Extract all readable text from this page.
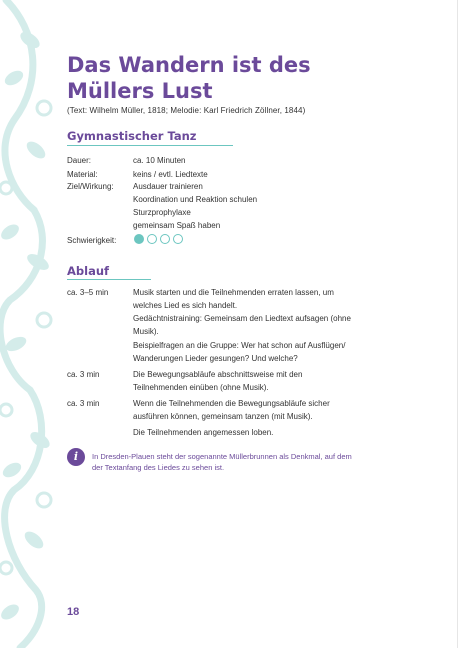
Das Wandern ist des
Müllers Lust
(Text: Wilhelm Müller, 1818; Melodie: Karl Friedrich Zöllner, 1844)
Gymnastischer Tanz
Dauer:	ca. 10 Minuten
Material:	keins / evtl. Liedtexte
Ziel/Wirkung: Ausdauer trainieren
Koordination und Reaktion schulen
Sturzprophylaxe
gemeinsam Spaß haben
Schwierigkeit:
Ablauf
ca. 3–5 min	Musik starten und die Teilnehmenden erraten lassen, um
welches Lied es sich handelt.
Gedächtnistraining: Gemeinsam den Liedtext aufsagen (ohne
Musik).
Beispielfragen an die Gruppe: Wer hat schon auf Ausflügen/
Wanderungen Lieder gesungen? Und welche?
ca. 3 min	Die Bewegungsabläufe abschnittsweise mit den
Teilnehmenden einüben (ohne Musik).
ca. 3 min	Wenn die Teilnehmenden die Bewegungsabläufe sicher
ausführen können, gemeinsam tanzen (mit Musik).
Die Teilnehmenden angemessen loben.
i	In Dresden-Plauen steht der sogenannte Müllerbrunnen als Denkmal, auf dem
der Textanfang des Liedes zu sehen ist.
18
